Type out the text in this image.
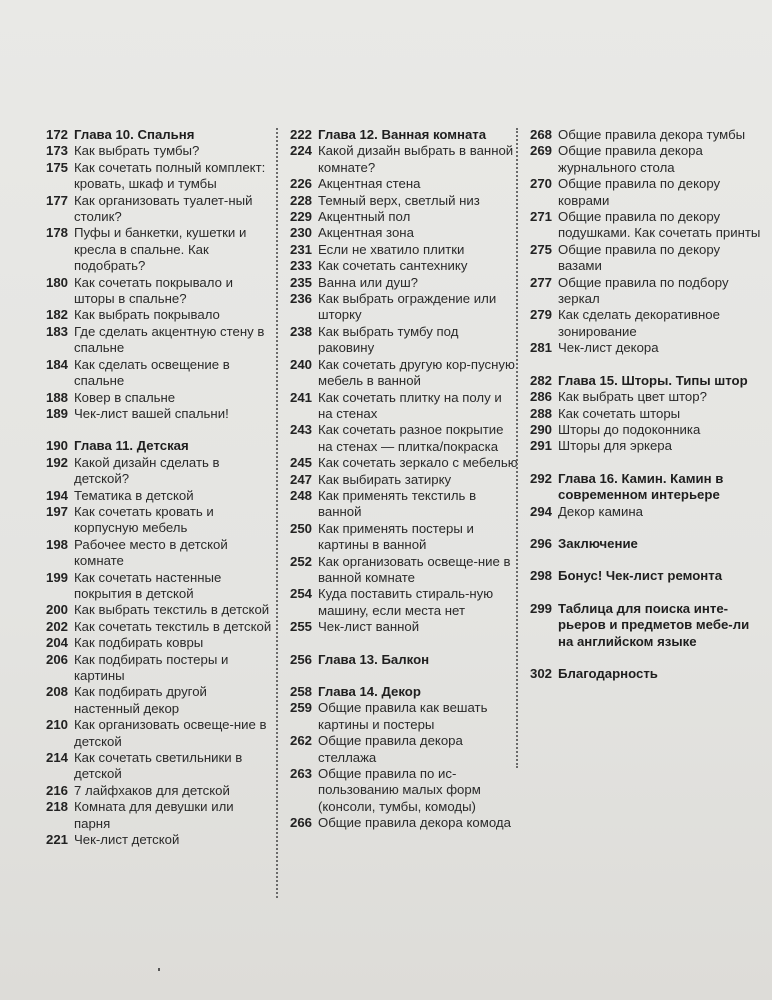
172 Глава 10. Спальня
173 Как выбрать тумбы?
175 Как сочетать полный комплект: кровать, шкаф и тумбы
177 Как организовать туалет-ный столик?
178 Пуфы и банкетки, кушетки и кресла в спальне. Как подобрать?
180 Как сочетать покрывало и шторы в спальне?
182 Как выбрать покрывало
183 Где сделать акцентную стену в спальне
184 Как сделать освещение в спальне
188 Ковер в спальне
189 Чек-лист вашей спальни!
190 Глава 11. Детская
192 Какой дизайн сделать в детской?
194 Тематика в детской
197 Как сочетать кровать и корпусную мебель
198 Рабочее место в детской комнате
199 Как сочетать настенные покрытия в детской
200 Как выбрать текстиль в детской
202 Как сочетать текстиль в детской
204 Как подбирать ковры
206 Как подбирать постеры и картины
208 Как подбирать другой настенный декор
210 Как организовать освеще-ние в детской
214 Как сочетать светильники в детской
216 7 лайфхаков для детской
218 Комната для девушки или парня
221 Чек-лист детской
222 Глава 12. Ванная комната
224 Какой дизайн выбрать в ванной комнате?
226 Акцентная стена
228 Темный верх, светлый низ
229 Акцентный пол
230 Акцентная зона
231 Если не хватило плитки
233 Как сочетать сантехнику
235 Ванна или душ?
236 Как выбрать ограждение или шторку
238 Как выбрать тумбу под раковину
240 Как сочетать другую кор-пусную мебель в ванной
241 Как сочетать плитку на полу и на стенах
243 Как сочетать разное покрытие на стенах — плитка/покраска
245 Как сочетать зеркало с мебелью
247 Как выбирать затирку
248 Как применять текстиль в ванной
250 Как применять постеры и картины в ванной
252 Как организовать освеще-ние в ванной комнате
254 Куда поставить стираль-ную машину, если места нет
255 Чек-лист ванной
256 Глава 13. Балкон
258 Глава 14. Декор
259 Общие правила как вешать картины и постеры
262 Общие правила декора стеллажа
263 Общие правила по ис-пользованию малых форм (консоли, тумбы, комоды)
266 Общие правила декора комода
268 Общие правила декора тумбы
269 Общие правила декора журнального стола
270 Общие правила по декору коврами
271 Общие правила по декору подушками. Как сочетать принты
275 Общие правила по декору вазами
277 Общие правила по подбору зеркал
279 Как сделать декоративное зонирование
281 Чек-лист декора
282 Глава 15. Шторы. Типы штор
286 Как выбрать цвет штор?
288 Как сочетать шторы
290 Шторы до подоконника
291 Шторы для эркера
292 Глава 16. Камин. Камин в современном интерьере
294 Декор камина
296 Заключение
298 Бонус! Чек-лист ремонта
299 Таблица для поиска инте-рьеров и предметов мебе-ли на английском языке
302 Благодарность
